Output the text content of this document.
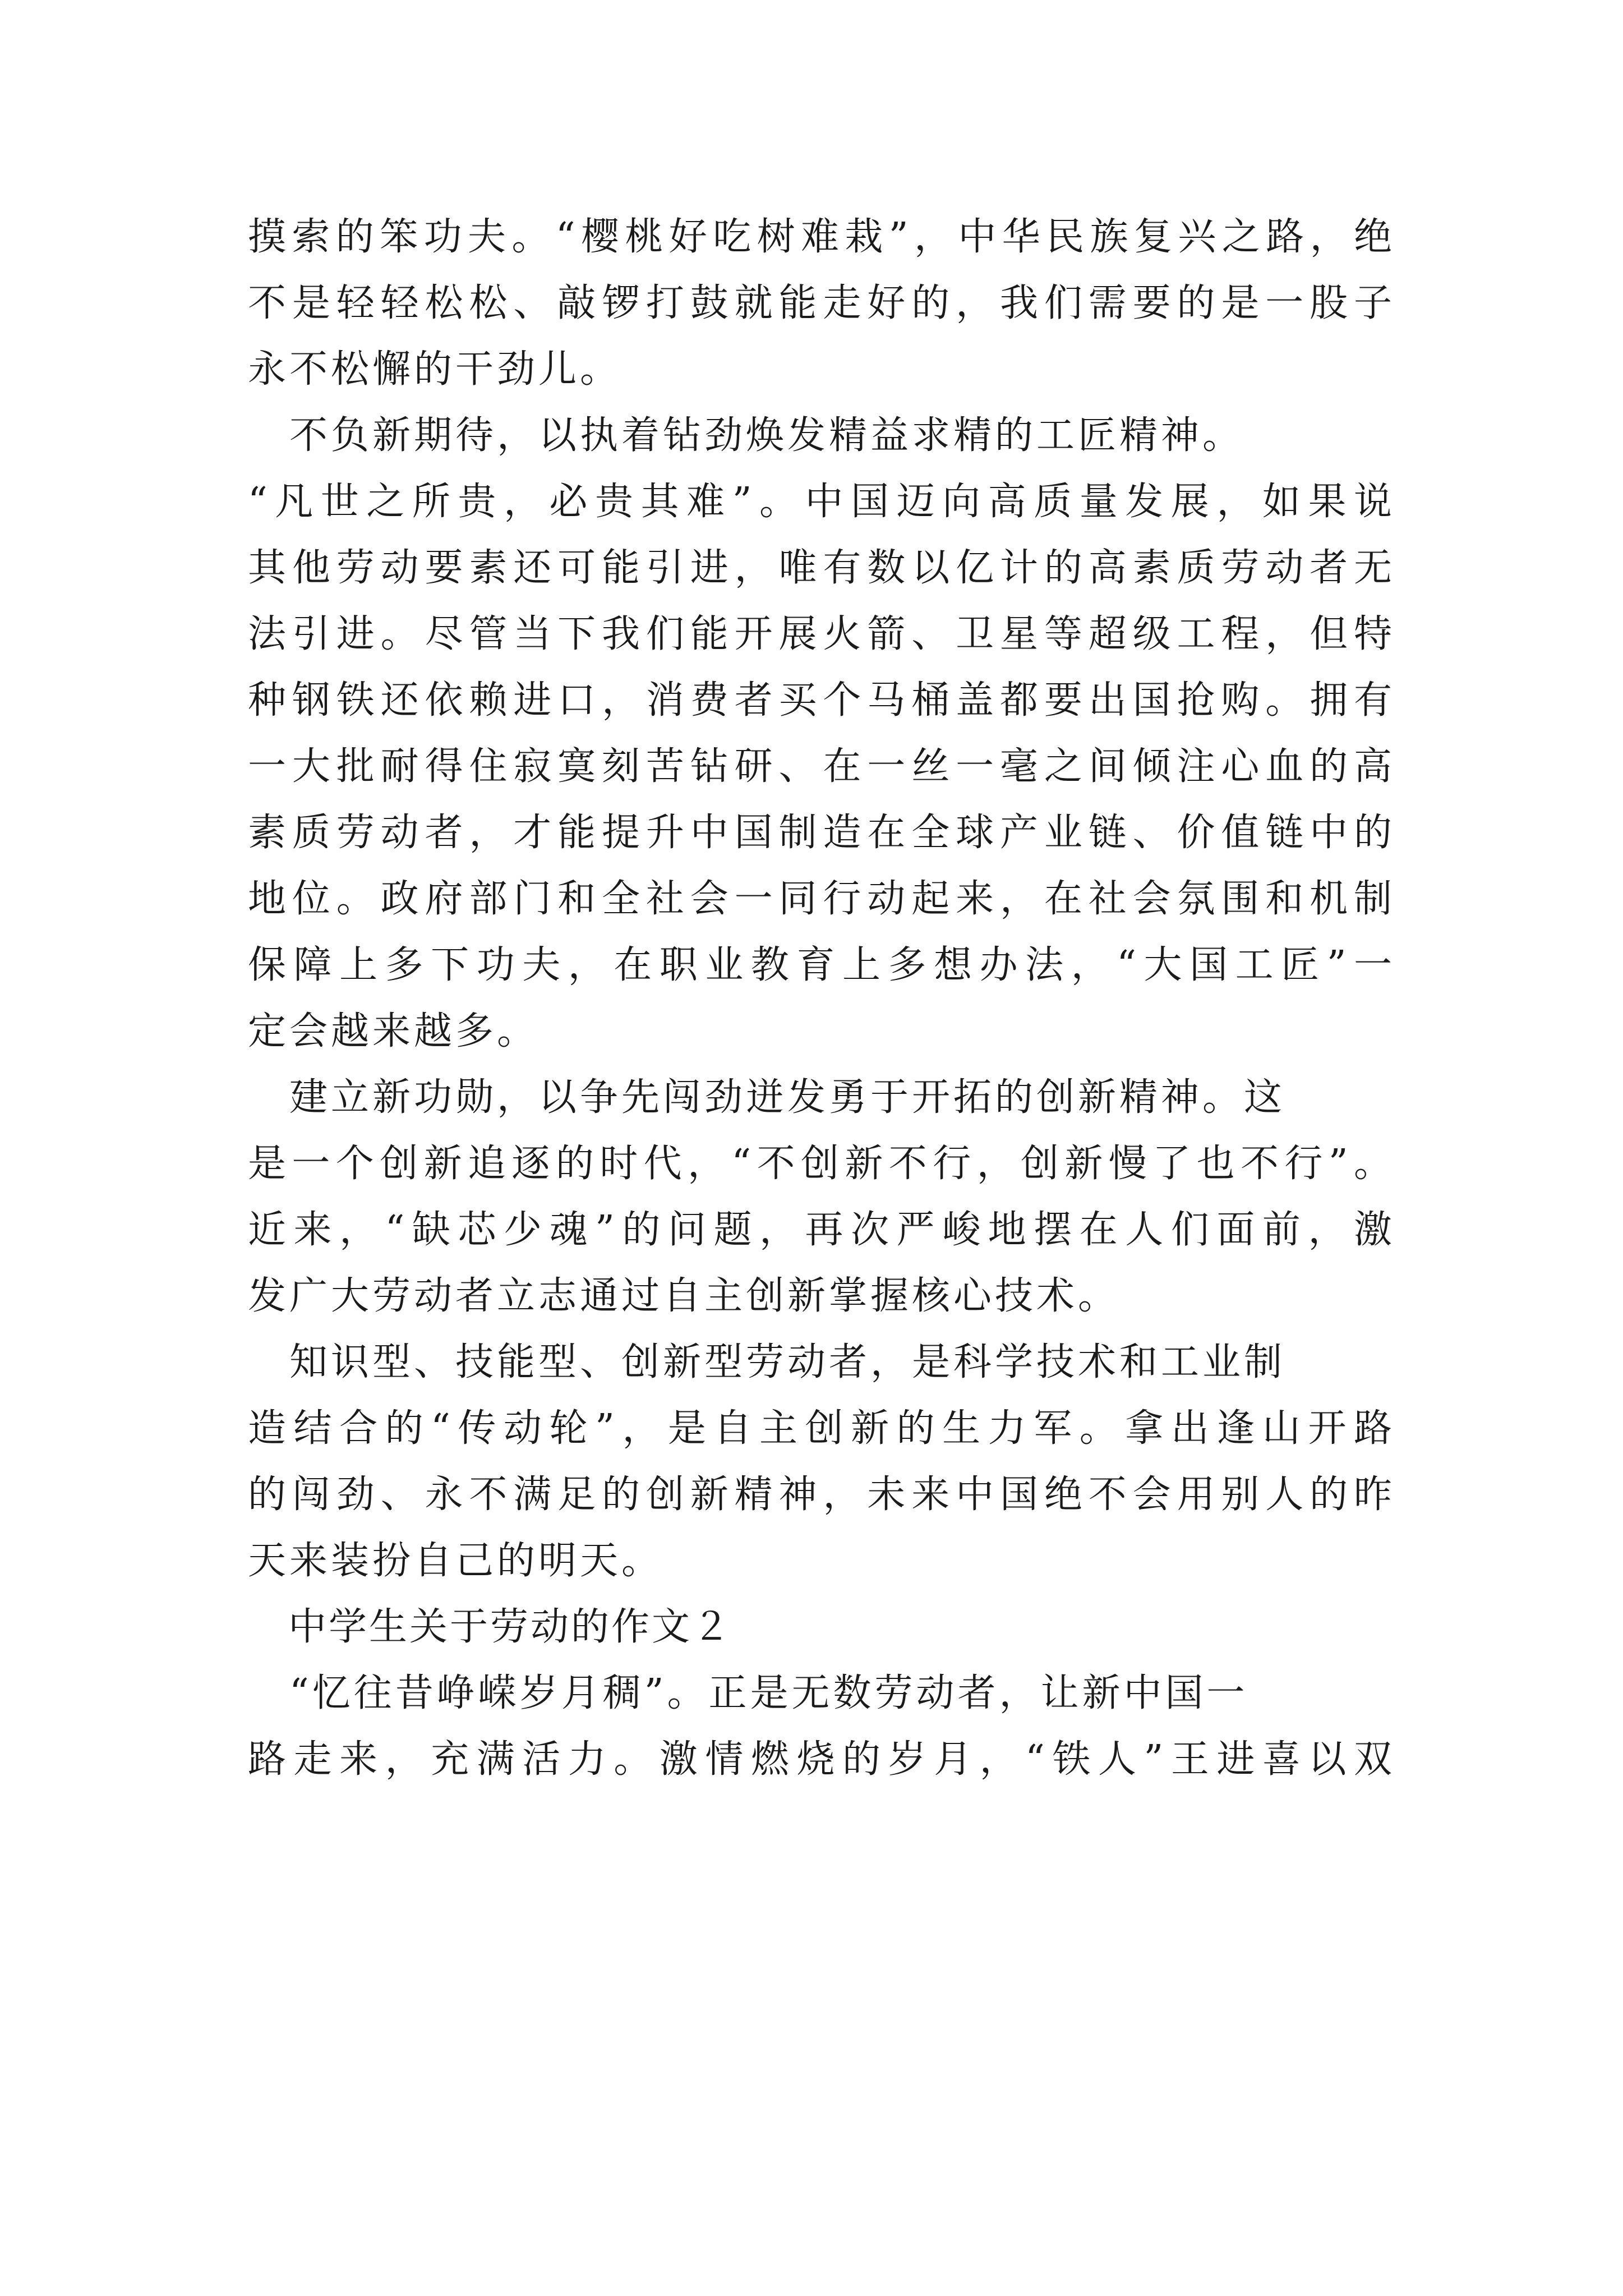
摸索的笨功夫。“樱桃好吃树难栽”，中华民族复兴之路，绝

不是轻轻松松、敲锣打鼓就能走好的，我们需要的是一股子

永不松懈的干劲儿。

　不负新期待，以执着钻劲焕发精益求精的工匠精神。

“凡世之所贵，必贵其难”。中国迈向高质量发展，如果说

其他劳动要素还可能引进，唯有数以亿计的高素质劳动者无

法引进。尽管当下我们能开展火箭、卫星等超级工程，但特

种钢铁还依赖进口，消费者买个马桶盖都要出国抢购。拥有

一大批耐得住寂寞刻苦钻研、在一丝一毫之间倾注心血的高

素质劳动者，才能提升中国制造在全球产业链、价值链中的

地位。政府部门和全社会一同行动起来，在社会氛围和机制

保障上多下功夫，在职业教育上多想办法，“大国工匠”一

定会越来越多。

　建立新功勋，以争先闯劲迸发勇于开拓的创新精神。这

是一个创新追逐的时代，“不创新不行，创新慢了也不行”。

近来，“缺芯少魂”的问题，再次严峻地摆在人们面前，激

发广大劳动者立志通过自主创新掌握核心技术。

　知识型、技能型、创新型劳动者，是科学技术和工业制

造结合的“传动轮”，是自主创新的生力军。拿出逢山开路

的闯劲、永不满足的创新精神，未来中国绝不会用别人的昨

天来装扮自己的明天。

　中学生关于劳动的作文２

　“忆往昔峥嵘岁月稠”。正是无数劳动者，让新中国一

路走来，充满活力。激情燃烧的岁月，“铁人”王进喜以双
